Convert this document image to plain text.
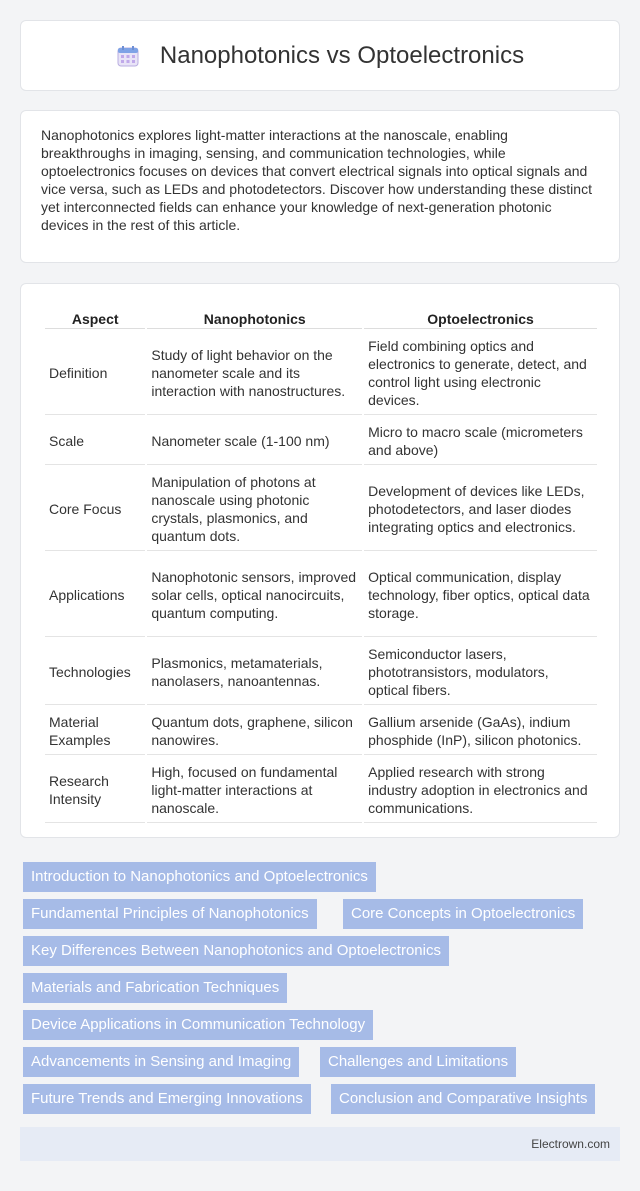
Nanophotonics vs Optoelectronics

Nanophotonics explores light-matter interactions at the nanoscale, enabling breakthroughs in imaging, sensing, and communication technologies, while optoelectronics focuses on devices that convert electrical signals into optical signals and vice versa, such as LEDs and photodetectors. Discover how understanding these distinct yet interconnected fields can enhance your knowledge of next-generation photonic devices in the rest of this article.

Aspect	Nanophotonics	Optoelectronics
Definition	Study of light behavior on the nanometer scale and its interaction with nanostructures.	Field combining optics and electronics to generate, detect, and control light using electronic devices.
Scale	Nanometer scale (1-100 nm)	Micro to macro scale (micrometers and above)
Core Focus	Manipulation of photons at nanoscale using photonic crystals, plasmonics, and quantum dots.	Development of devices like LEDs, photodetectors, and laser diodes integrating optics and electronics.
Applications	Nanophotonic sensors, improved solar cells, optical nanocircuits, quantum computing.	Optical communication, display technology, fiber optics, optical data storage.
Technologies	Plasmonics, metamaterials, nanolasers, nanoantennas.	Semiconductor lasers, phototransistors, modulators, optical fibers.
Material Examples	Quantum dots, graphene, silicon nanowires.	Gallium arsenide (GaAs), indium phosphide (InP), silicon photonics.
Research Intensity	High, focused on fundamental light-matter interactions at nanoscale.	Applied research with strong industry adoption in electronics and communications.
Introduction to Nanophotonics and Optoelectronics
Fundamental Principles of Nanophotonics	Core Concepts in Optoelectronics
Key Differences Between Nanophotonics and Optoelectronics
Materials and Fabrication Techniques
Device Applications in Communication Technology
Advancements in Sensing and Imaging	Challenges and Limitations
Future Trends and Emerging Innovations	Conclusion and Comparative Insights
Electrown.com
